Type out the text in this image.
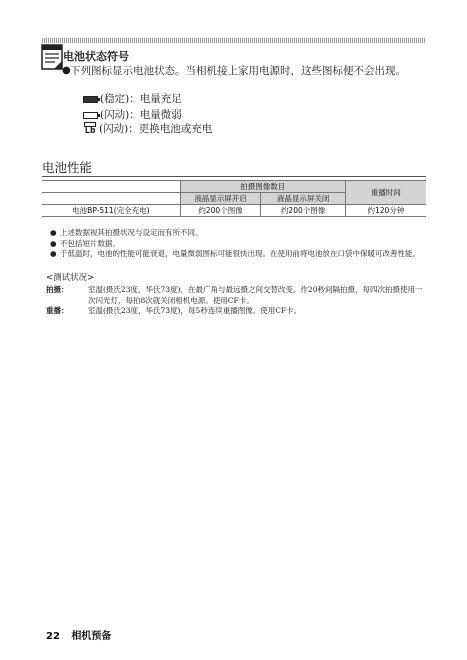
电池状态符号
● 下列图标显示电池状态。当相机接上家用电源时，这些图标便不会出现。
(稳定)：电量充足
(闪动)：电量微弱
Lb (闪动)：更换电池或充电
电池性能
	拍摄图像数目		重播时间
	液晶显示屏开启	液晶显示屏关闭	
电池BP-511(完全充电)	约200个图像	约200个图像	约120分钟
● 上述数据视其拍摄状况与设定而有所不同。
● 不包括短片数据。
● 于低温时，电池的性能可能衰退，电量微弱图标可能很快出现。在使用前将电池放在口袋中保暖可改善性能。
<测试状况>
拍摄：	室温(摄氏23度，华氏73度)，在最广角与最远摄之间交替改变，作20秒间隔拍摄，每四次拍摄使用一次闪光灯，每拍8次就关闭相机电源。使用CF卡。
重播：	室温(摄氏23度，华氏73度)，每5秒连续重播图像。使用CF卡。
22 相机预备
